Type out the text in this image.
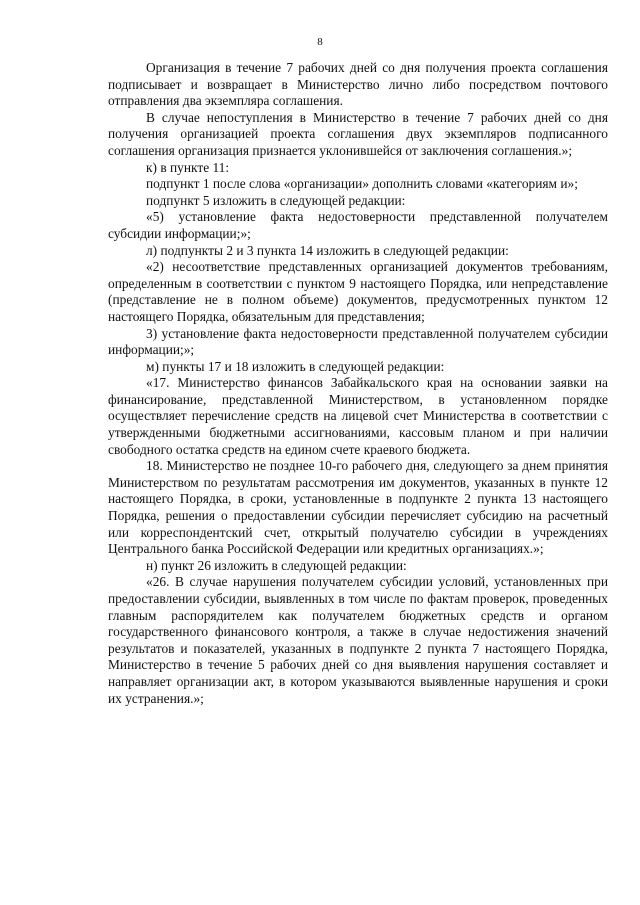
8

Организация в течение 7 рабочих дней со дня получения проекта соглашения подписывает и возвращает в Министерство лично либо посредством почтового отправления два экземпляра соглашения.

В случае непоступления в Министерство в течение 7 рабочих дней со дня получения организацией проекта соглашения двух экземпляров подписанного соглашения организация признается уклонившейся от заключения соглашения.»;

к) в пункте 11:

подпункт 1 после слова «организации» дополнить словами «категориям и»;

подпункт 5 изложить в следующей редакции:

«5) установление факта недостоверности представленной получателем субсидии информации;»;

л) подпункты 2 и 3 пункта 14 изложить в следующей редакции:

«2) несоответствие представленных организацией документов требованиям, определенным в соответствии с пунктом 9 настоящего Порядка, или непредставление (представление не в полном объеме) документов, предусмотренных пунктом 12 настоящего Порядка, обязательным для представления;

3) установление факта недостоверности представленной получателем субсидии информации;»;

м) пункты 17 и 18 изложить в следующей редакции:

«17. Министерство финансов Забайкальского края на основании заявки на финансирование, представленной Министерством, в установленном порядке осуществляет перечисление средств на лицевой счет Министерства в соответствии с утвержденными бюджетными ассигнованиями, кассовым планом и при наличии свободного остатка средств на едином счете краевого бюджета.

18. Министерство не позднее 10-го рабочего дня, следующего за днем принятия Министерством по результатам рассмотрения им документов, указанных в пункте 12 настоящего Порядка, в сроки, установленные в подпункте 2 пункта 13 настоящего Порядка, решения о предоставлении субсидии перечисляет субсидию на расчетный или корреспондентский счет, открытый получателю субсидии в учреждениях Центрального банка Российской Федерации или кредитных организациях.»;

н) пункт 26 изложить в следующей редакции:

«26. В случае нарушения получателем субсидии условий, установленных при предоставлении субсидии, выявленных в том числе по фактам проверок, проведенных главным распорядителем как получателем бюджетных средств и органом государственного финансового контроля, а также в случае недостижения значений результатов и показателей, указанных в подпункте 2 пункта 7 настоящего Порядка, Министерство в течение 5 рабочих дней со дня выявления нарушения составляет и направляет организации акт, в котором указываются выявленные нарушения и сроки их устранения.»;
